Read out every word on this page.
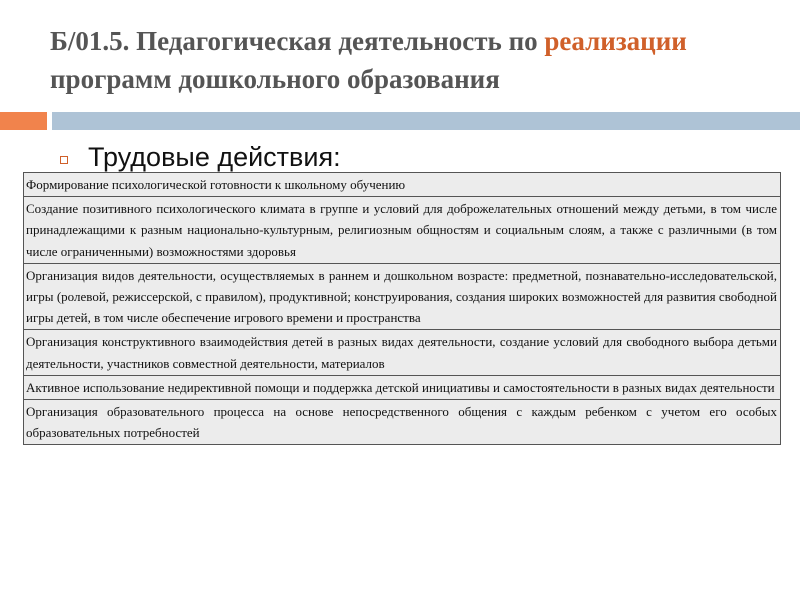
Б/01.5. Педагогическая деятельность по реализации программ дошкольного образования
Трудовые действия:
Формирование психологической готовности к школьному обучению
Создание позитивного психологического климата в группе и условий для доброжелательных отношений между детьми, в том числе принадлежащими к разным национально-культурным, религиозным общностям и социальным слоям, а также с различными (в том числе ограниченными) возможностями здоровья
Организация видов деятельности, осуществляемых в раннем и дошкольном возрасте: предметной, познавательно-исследовательской, игры (ролевой, режиссерской, с правилом), продуктивной; конструирования, создания широких возможностей для развития свободной игры детей, в том числе обеспечение игрового времени и пространства
Организация конструктивного взаимодействия детей в разных видах деятельности, создание условий для свободного выбора детьми деятельности, участников совместной деятельности, материалов
Активное использование недирективной помощи и поддержка детской инициативы и самостоятельности в разных видах деятельности
Организация образовательного процесса на основе непосредственного общения с каждым ребенком с учетом его особых образовательных потребностей
